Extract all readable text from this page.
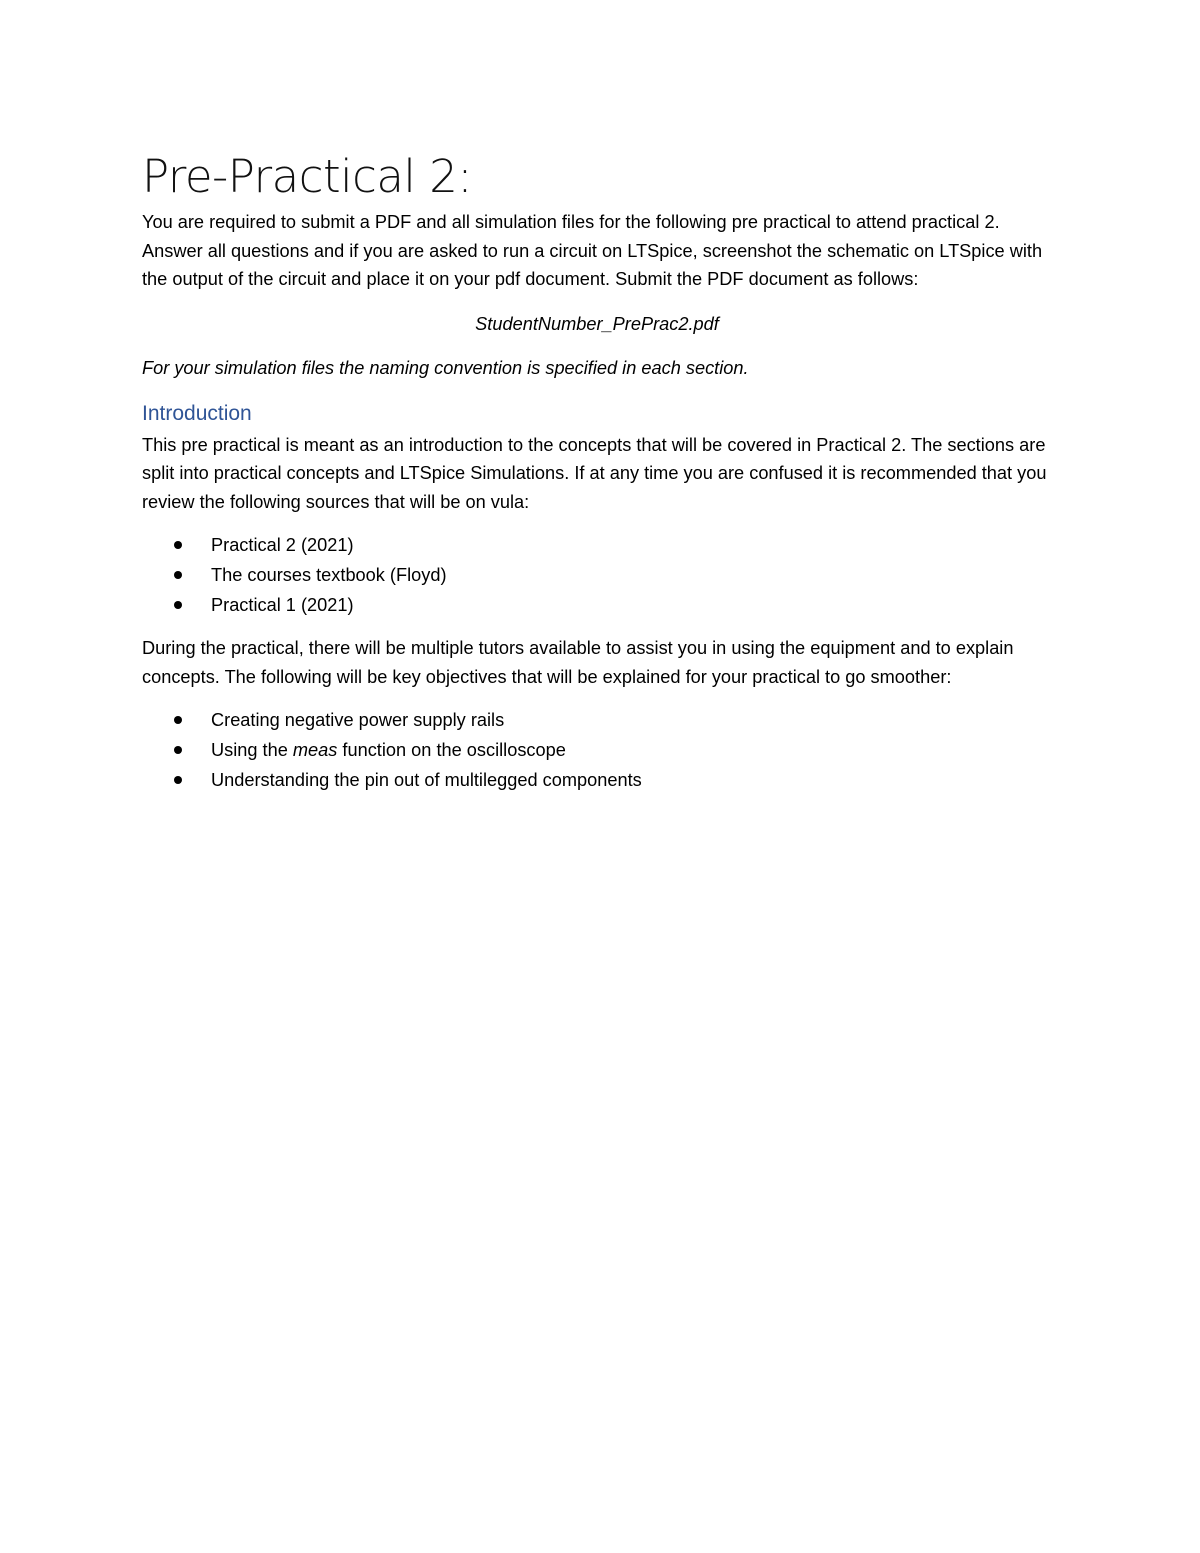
Pre-Practical 2:

You are required to submit a PDF and all simulation files for the following pre practical to attend practical 2. Answer all questions and if you are asked to run a circuit on LTSpice, screenshot the schematic on LTSpice with the output of the circuit and place it on your pdf document. Submit the PDF document as follows:

StudentNumber_PrePrac2.pdf

For your simulation files the naming convention is specified in each section.

Introduction

This pre practical is meant as an introduction to the concepts that will be covered in Practical 2. The sections are split into practical concepts and LTSpice Simulations. If at any time you are confused it is recommended that you review the following sources that will be on vula:

Practical 2 (2021)
The courses textbook (Floyd)
Practical 1 (2021)

During the practical, there will be multiple tutors available to assist you in using the equipment and to explain concepts. The following will be key objectives that will be explained for your practical to go smoother:

Creating negative power supply rails
Using the meas function on the oscilloscope
Understanding the pin out of multilegged components
